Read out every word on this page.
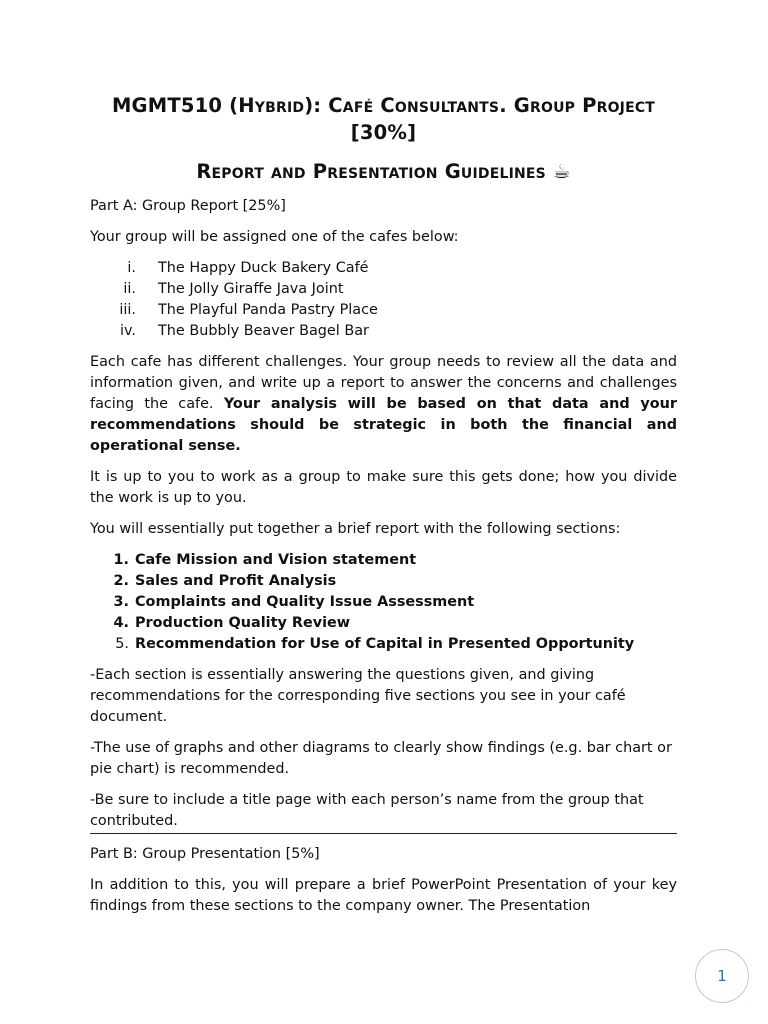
MGMT510 (Hybrid): Café Consultants. Group Project [30%]
Report and Presentation Guidelines ☕

Part A: Group Report [25%]

Your group will be assigned one of the cafes below:

i. The Happy Duck Bakery Café
ii. The Jolly Giraffe Java Joint
iii. The Playful Panda Pastry Place
iv. The Bubbly Beaver Bagel Bar

Each cafe has different challenges. Your group needs to review all the data and information given, and write up a report to answer the concerns and challenges facing the cafe. Your analysis will be based on that data and your recommendations should be strategic in both the financial and operational sense.

It is up to you to work as a group to make sure this gets done; how you divide the work is up to you.

You will essentially put together a brief report with the following sections:

1. Cafe Mission and Vision statement
2. Sales and Profit Analysis
3. Complaints and Quality Issue Assessment
4. Production Quality Review
5. Recommendation for Use of Capital in Presented Opportunity

-Each section is essentially answering the questions given, and giving recommendations for the corresponding five sections you see in your café document.

-The use of graphs and other diagrams to clearly show findings (e.g. bar chart or pie chart) is recommended.

-Be sure to include a title page with each person’s name from the group that contributed.

Part B: Group Presentation [5%]

In addition to this, you will prepare a brief PowerPoint Presentation of your key findings from these sections to the company owner. The Presentation

1
